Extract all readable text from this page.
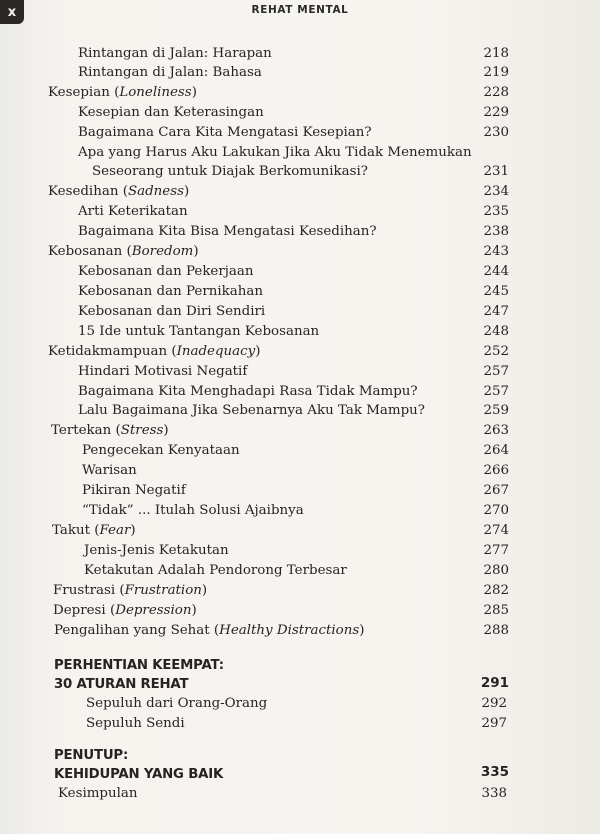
x	REHAT MENTAL
Rintangan di Jalan: Harapan	218
Rintangan di Jalan: Bahasa	219
Kesepian (Loneliness)	228
Kesepian dan Keterasingan	229
Bagaimana Cara Kita Mengatasi Kesepian?	230
Apa yang Harus Aku Lakukan Jika Aku Tidak Menemukan
Seseorang untuk Diajak Berkomunikasi?	231
Kesedihan (Sadness)	234
Arti Keterikatan	235
Bagaimana Kita Bisa Mengatasi Kesedihan?	238
Kebosanan (Boredom)	243
Kebosanan dan Pekerjaan	244
Kebosanan dan Pernikahan	245
Kebosanan dan Diri Sendiri	247
15 Ide untuk Tantangan Kebosanan	248
Ketidakmampuan (Inadequacy)	252
Hindari Motivasi Negatif	257
Bagaimana Kita Menghadapi Rasa Tidak Mampu?	257
Lalu Bagaimana Jika Sebenarnya Aku Tak Mampu?	259
Tertekan (Stress)	263
Pengecekan Kenyataan	264
Warisan	266
Pikiran Negatif	267
“Tidak” ... Itulah Solusi Ajaibnya	270
Takut (Fear)	274
Jenis-Jenis Ketakutan	277
Ketakutan Adalah Pendorong Terbesar	280
Frustrasi (Frustration)	282
Depresi (Depression)	285
Pengalihan yang Sehat (Healthy Distractions)	288
PERHENTIAN KEEMPAT:
30 ATURAN REHAT	291
Sepuluh dari Orang-Orang	292
Sepuluh Sendi	297
PENUTUP:
KEHIDUPAN YANG BAIK	335
Kesimpulan	338
